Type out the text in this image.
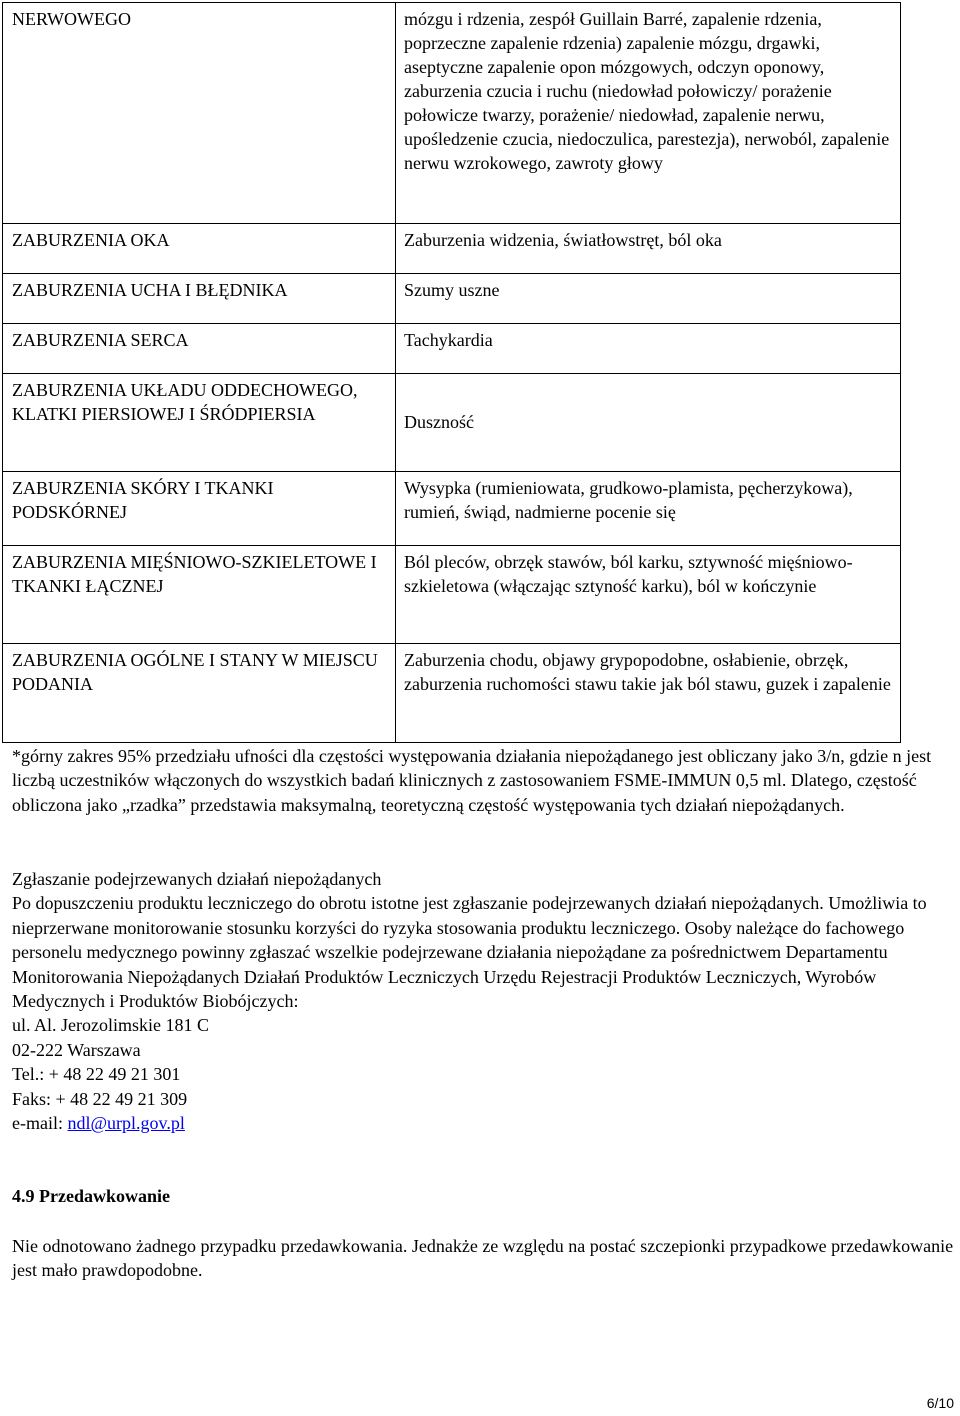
NERWOWEGO	mózgu i rdzenia, zespół Guillain Barré, zapalenie rdzenia, poprzeczne zapalenie rdzenia) zapalenie mózgu, drgawki, aseptyczne zapalenie opon mózgowych, odczyn oponowy, zaburzenia czucia i ruchu (niedowład połowiczy/ porażenie połowicze twarzy, porażenie/ niedowład, zapalenie nerwu, upośledzenie czucia, niedoczulica, parestezja), nerwoból, zapalenie nerwu wzrokowego, zawroty głowy
ZABURZENIA OKA	Zaburzenia widzenia, światłowstręt, ból oka
ZABURZENIA UCHA I BŁĘDNIKA	Szumy uszne
ZABURZENIA SERCA	Tachykardia
ZABURZENIA UKŁADU ODDECHOWEGO, KLATKI PIERSIOWEJ I ŚRÓDPIERSIA	Duszność
ZABURZENIA SKÓRY I TKANKI PODSKÓRNEJ	Wysypka (rumieniowata, grudkowo-plamista, pęcherzykowa), rumień, świąd, nadmierne pocenie się
ZABURZENIA MIĘŚNIOWO-SZKIELETOWE I TKANKI ŁĄCZNEJ	Ból pleców, obrzęk stawów, ból karku, sztywność mięśniowo-szkieletowa (włączając sztyność karku), ból w kończynie
ZABURZENIA OGÓLNE I STANY W MIEJSCU PODANIA	Zaburzenia chodu, objawy grypopodobne, osłabienie, obrzęk, zaburzenia ruchomości stawu takie jak ból stawu, guzek i zapalenie

*górny zakres 95% przedziału ufności dla częstości występowania działania niepożądanego jest obliczany jako 3/n, gdzie n jest liczbą uczestników włączonych do wszystkich badań klinicznych z zastosowaniem FSME-IMMUN 0,5 ml. Dlatego, częstość obliczona jako „rzadka” przedstawia maksymalną, teoretyczną częstość występowania tych działań niepożądanych.

Zgłaszanie podejrzewanych działań niepożądanych

Po dopuszczeniu produktu leczniczego do obrotu istotne jest zgłaszanie podejrzewanych działań niepożądanych. Umożliwia to nieprzerwane monitorowanie stosunku korzyści do ryzyka stosowania produktu leczniczego. Osoby należące do fachowego personelu medycznego powinny zgłaszać wszelkie podejrzewane działania niepożądane za pośrednictwem Departamentu Monitorowania Niepożądanych Działań Produktów Leczniczych Urzędu Rejestracji Produktów Leczniczych, Wyrobów Medycznych i Produktów Biobójczych:

ul. Al. Jerozolimskie 181 C

02-222 Warszawa

Tel.: + 48 22 49 21 301

Faks: + 48 22 49 21 309

e-mail: ndl@urpl.gov.pl

4.9 Przedawkowanie

Nie odnotowano żadnego przypadku przedawkowania. Jednakże ze względu na postać szczepionki przypadkowe przedawkowanie jest mało prawdopodobne.

6/10
